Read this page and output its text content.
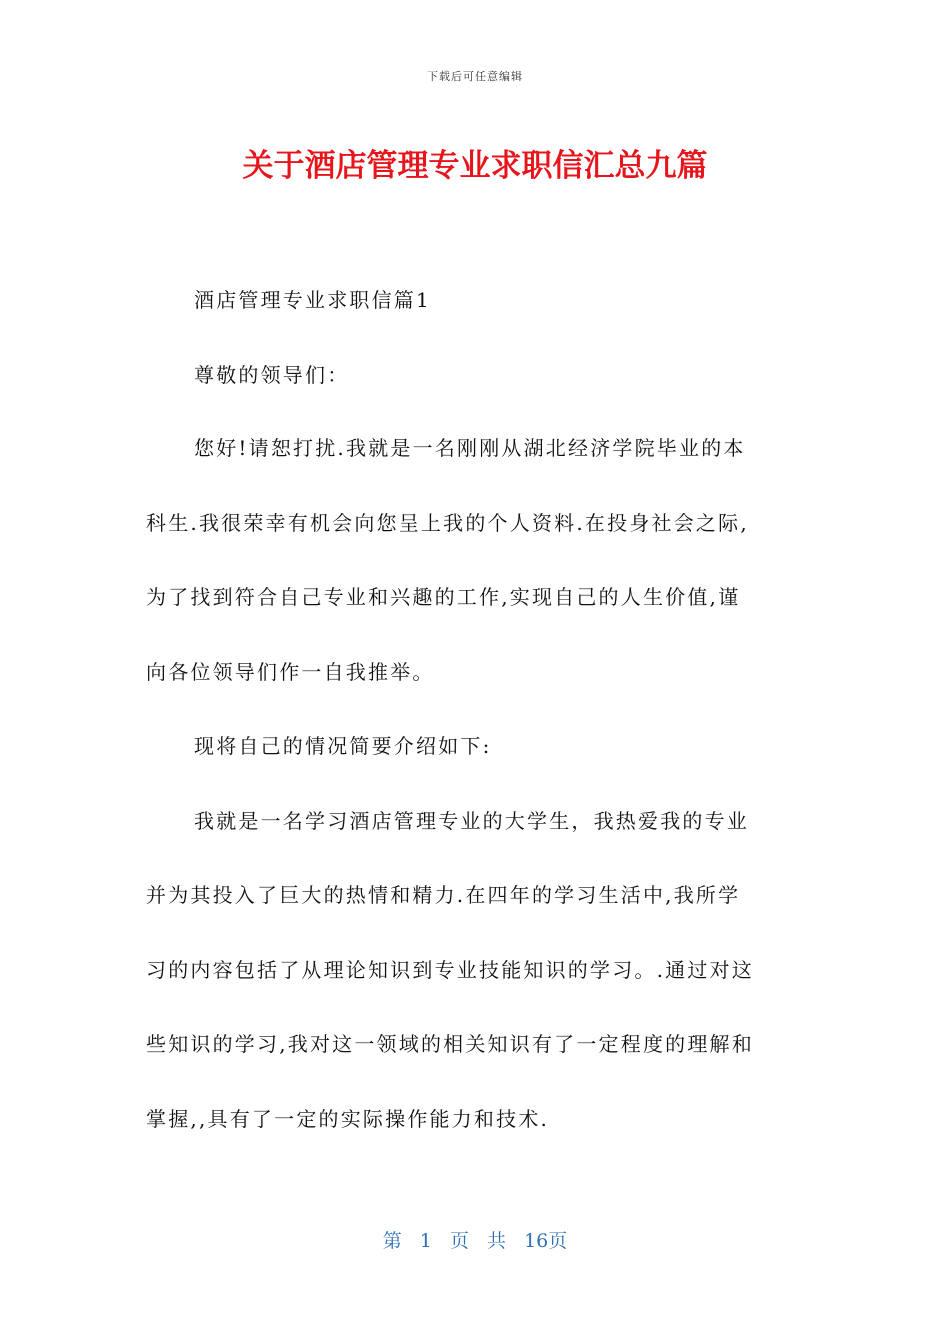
下载后可任意编辑
关于酒店管理专业求职信汇总九篇
酒店管理专业求职信篇1
尊敬的领导们：
您好!请恕打扰.我就是一名刚刚从湖北经济学院毕业的本
科生.我很荣幸有机会向您呈上我的个人资料.在投身社会之际,
为了找到符合自己专业和兴趣的工作,实现自己的人生价值,谨
向各位领导们作一自我推举。
现将自己的情况简要介绍如下:
我就是一名学习酒店管理专业的大学生，我热爱我的专业
并为其投入了巨大的热情和精力.在四年的学习生活中,我所学
习的内容包括了从理论知识到专业技能知识的学习。.通过对这
些知识的学习,我对这一领域的相关知识有了一定程度的理解和
掌握,,具有了一定的实际操作能力和技术.
第 1 页 共 16页
